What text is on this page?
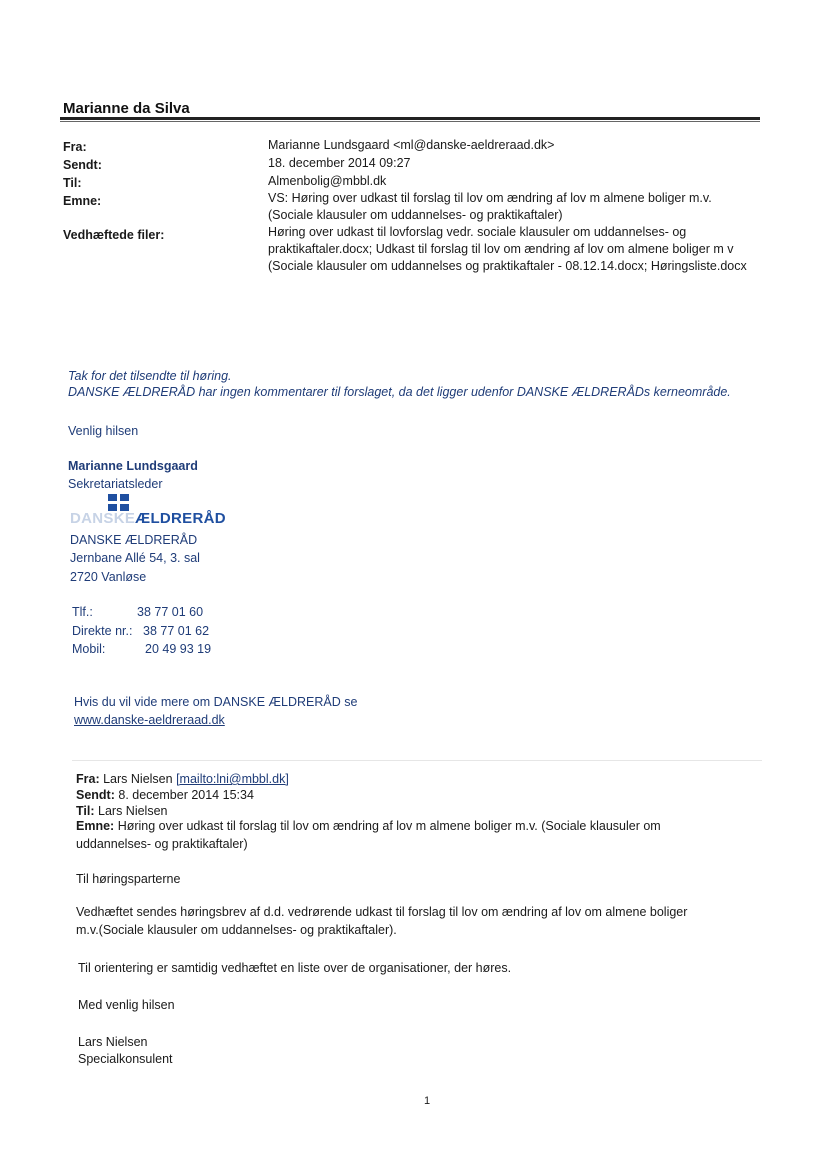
Marianne da Silva
Fra:	Marianne Lundsgaard <ml@danske-aeldreraad.dk>
Sendt:	18. december 2014 09:27
Til:	Almenbolig@mbbl.dk
Emne:	VS: Høring over udkast til forslag til lov om ændring af lov m almene boliger m.v. (Sociale klausuler om uddannelses- og praktikaftaler)
Vedhæftede filer:	Høring over udkast til lovforslag vedr. sociale klausuler om uddannelses- og praktikaftaler.docx; Udkast til forslag til lov om ændring af lov om almene boliger m v (Sociale klausuler om uddannelses og praktikaftaler - 08.12.14.docx; Høringsliste.docx
Tak for det tilsendte til høring.
DANSKE ÆLDRERÅD har ingen kommentarer til forslaget, da det ligger udenfor DANSKE ÆLDRERÅDs kerneområde.
Venlig hilsen
Marianne Lundsgaard
Sekretariatsleder
DANSKEÆLDRERÅD
DANSKE ÆLDRERÅD
Jernbane Allé 54, 3. sal
2720 Vanløse
Tlf.:	38 77 01 60
Direkte nr.: 38 77 01 62
Mobil:	20 49 93 19
Hvis du vil vide mere om DANSKE ÆLDRERÅD se
www.danske-aeldreraad.dk
Fra: Lars Nielsen [mailto:lni@mbbl.dk]
Sendt: 8. december 2014 15:34
Til: Lars Nielsen
Emne: Høring over udkast til forslag til lov om ændring af lov m almene boliger m.v. (Sociale klausuler om uddannelses- og praktikaftaler)
Til høringsparterne
Vedhæftet sendes høringsbrev af d.d. vedrørende udkast til forslag til lov om ændring af lov om almene boliger m.v.(Sociale klausuler om uddannelses- og praktikaftaler).
Til orientering er samtidig vedhæftet en liste over de organisationer, der høres.
Med venlig hilsen
Lars Nielsen
Specialkonsulent
1
